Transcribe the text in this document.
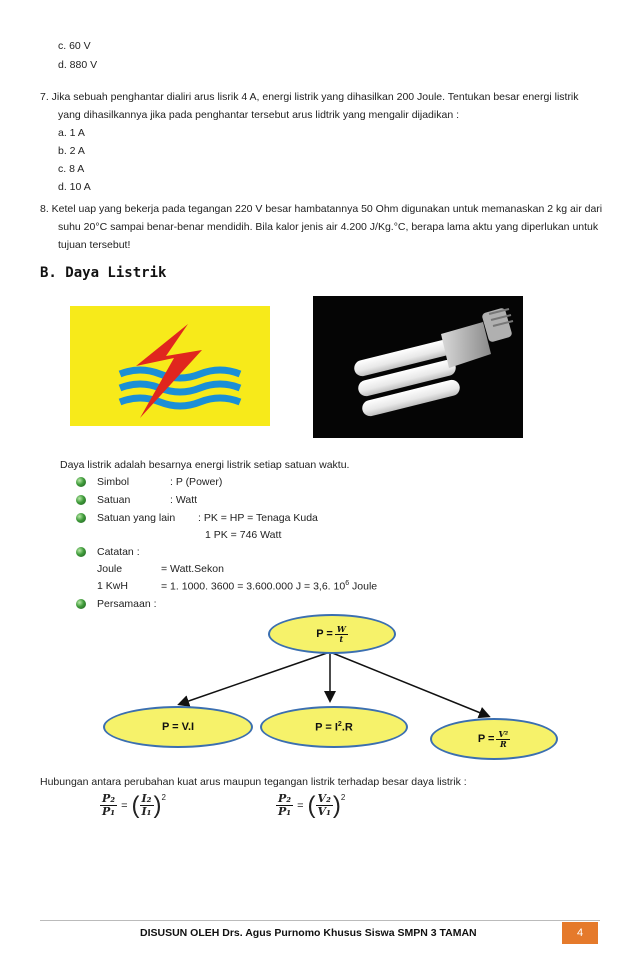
c. 60 V
d. 880 V
7. Jika sebuah penghantar dialiri arus lisrik 4 A, energi listrik yang dihasilkan 200 Joule. Tentukan besar energi listrik
yang dihasilkannya jika pada penghantar tersebut arus lidtrik yang mengalir dijadikan :
a. 1 A
b. 2 A
c. 8 A
d. 10 A
8. Ketel uap yang bekerja pada tegangan 220 V besar hambatannya 50 Ohm digunakan untuk memanaskan 2 kg air dari
suhu 20°C sampai benar-benar mendidih. Bila kalor jenis air 4.200 J/Kg.°C, berapa lama aktu yang diperlukan untuk
tujuan tersebut!
B. Daya Listrik
Daya listrik adalah besarnya energi listrik setiap satuan waktu.
Simbol	: P (Power)
Satuan	: Watt
Satuan yang lain : PK = HP = Tenaga Kuda
1 PK = 746 Watt
Catatan :
Joule	= Watt.Sekon
1 KwH	= 1. 1000. 3600 = 3.600.000 J = 3,6. $10^6$ Joule
Persamaan :
$P = \frac{W}{t}$
P = V.I	$P = I^2.R$
$P = \frac{\text{V²}}{R}$
Hubungan antara perubahan kuat arus maupun tegangan listrik terhadap besar daya listrik :
$\frac{\text{P₂}}{\text{P₁}}$ = ( $\frac{\text{I₂}}{\text{I₁}} )^2$	$\frac{\text{P₂}}{\text{P₁}}$ = ( $\frac{\text{V₂}}{\text{V₁}} )^2$
DISUSUN OLEH Drs. Agus Purnomo Khusus Siswa SMPN 3 TAMAN	4
